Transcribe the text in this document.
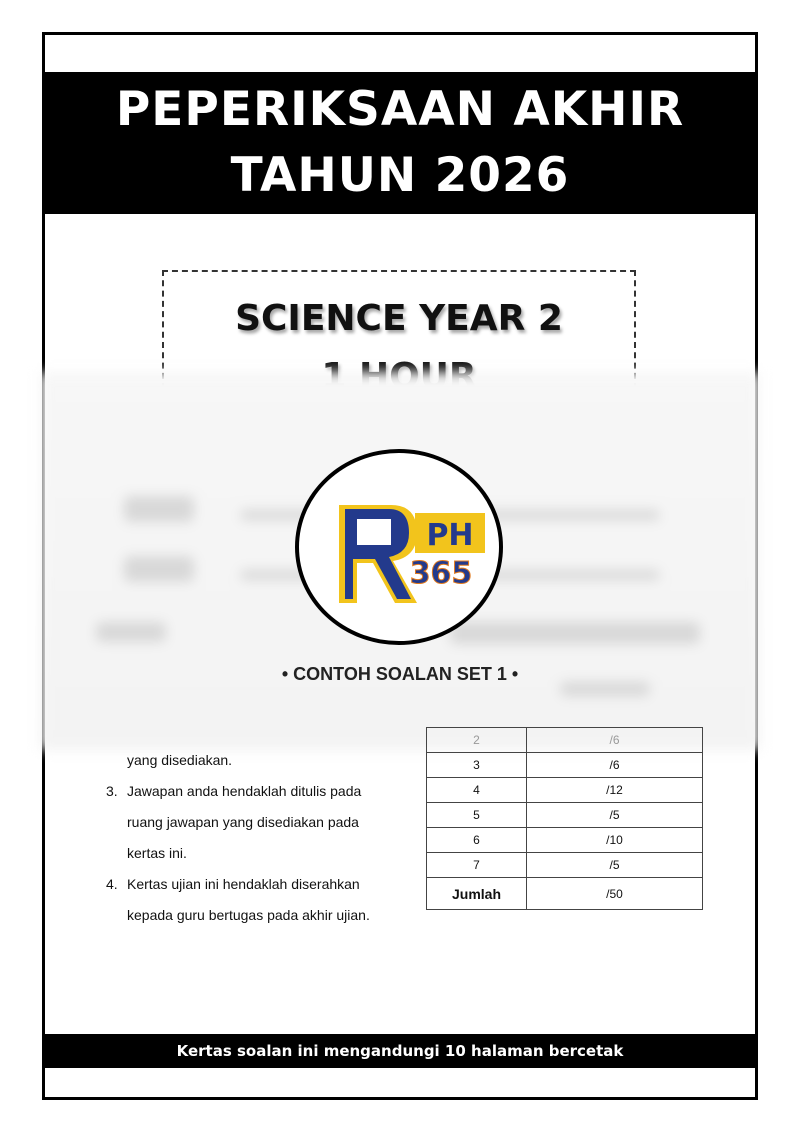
PEPERIKSAAN AKHIR
TAHUN 2026
SCIENCE YEAR 2
PH
365
• CONTOH SOALAN SET 1 •
yang disediakan.
3. Jawapan anda hendaklah ditulis pada
ruang jawapan yang disediakan pada
kertas ini.
4. Kertas ujian ini hendaklah diserahkan
kepada guru bertugas pada akhir ujian.
2	/6
3	/6
4	/12
5	/5
6	/10
7	/5
Jumlah	/50
Kertas soalan ini mengandungi 10 halaman bercetak
